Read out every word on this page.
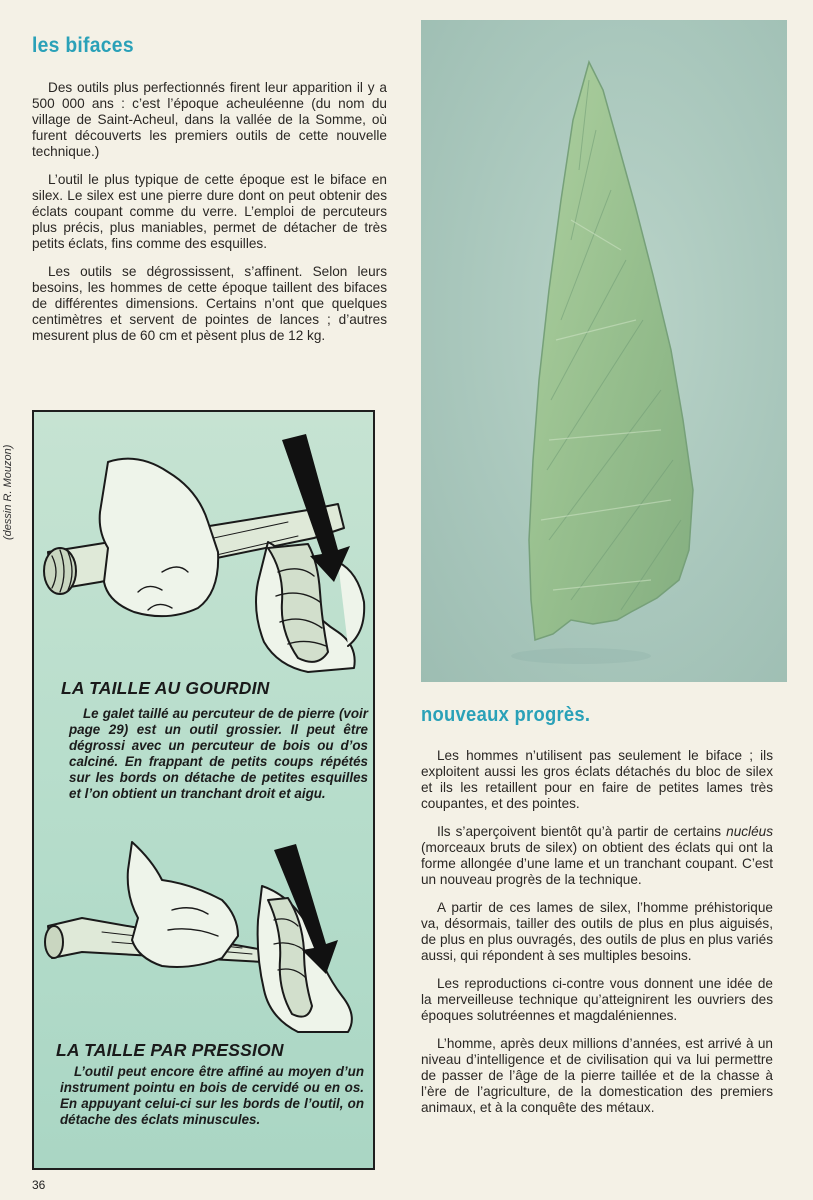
les bifaces

Des outils plus perfectionnés firent leur apparition il y a 500 000 ans : c’est l’époque acheuléenne (du nom du village de Saint-Acheul, dans la vallée de la Somme, où furent découverts les premiers outils de cette nouvelle technique.)

L’outil le plus typique de cette époque est le biface en silex. Le silex est une pierre dure dont on peut obtenir des éclats coupant comme du verre. L’emploi de percuteurs plus précis, plus maniables, permet de détacher de très petits éclats, fins comme des esquilles.

Les outils se dégrossissent, s’affinent. Selon leurs besoins, les hommes de cette époque taillent des bifaces de différentes dimensions. Certains n’ont que quelques centimètres et servent de pointes de lances ; d’autres mesurent plus de 60 cm et pèsent plus de 12 kg.

(dessin R. Mouzon)
LA TAILLE AU GOURDIN

Le galet taillé au percuteur de de pierre (voir page 29) est un outil grossier. Il peut être dégrossi avec un percuteur de bois ou d’os calciné. En frappant de petits coups répétés sur les bords on détache de petites esquilles et l’on obtient un tranchant droit et aigu.

LA TAILLE PAR PRESSION

L’outil peut encore être affiné au moyen d’un instrument pointu en bois de cervidé ou en os. En appuyant celui-ci sur les bords de l’outil, on détache des éclats minuscules.

nouveaux progrès.

Les hommes n’utilisent pas seulement le biface ; ils exploitent aussi les gros éclats détachés du bloc de silex et ils les retaillent pour en faire de petites lames très coupantes, et des pointes.

Ils s’aperçoivent bientôt qu’à partir de certains nucléus (morceaux bruts de silex) on obtient des éclats qui ont la forme allongée d’une lame et un tranchant coupant. C’est un nouveau progrès de la technique.

A partir de ces lames de silex, l’homme préhistorique va, désormais, tailler des outils de plus en plus aiguisés, de plus en plus ouvragés, des outils de plus en plus variés aussi, qui répondent à ses multiples besoins.

Les reproductions ci-contre vous donnent une idée de la merveilleuse technique qu’atteignirent les ouvriers des époques solutréennes et magdaléniennes.

L’homme, après deux millions d’années, est arrivé à un niveau d’intelligence et de civilisation qui va lui permettre de passer de l’âge de la pierre taillée et de la chasse à l’ère de l’agriculture, de la domestication des premiers animaux, et à la conquête des métaux.

36
